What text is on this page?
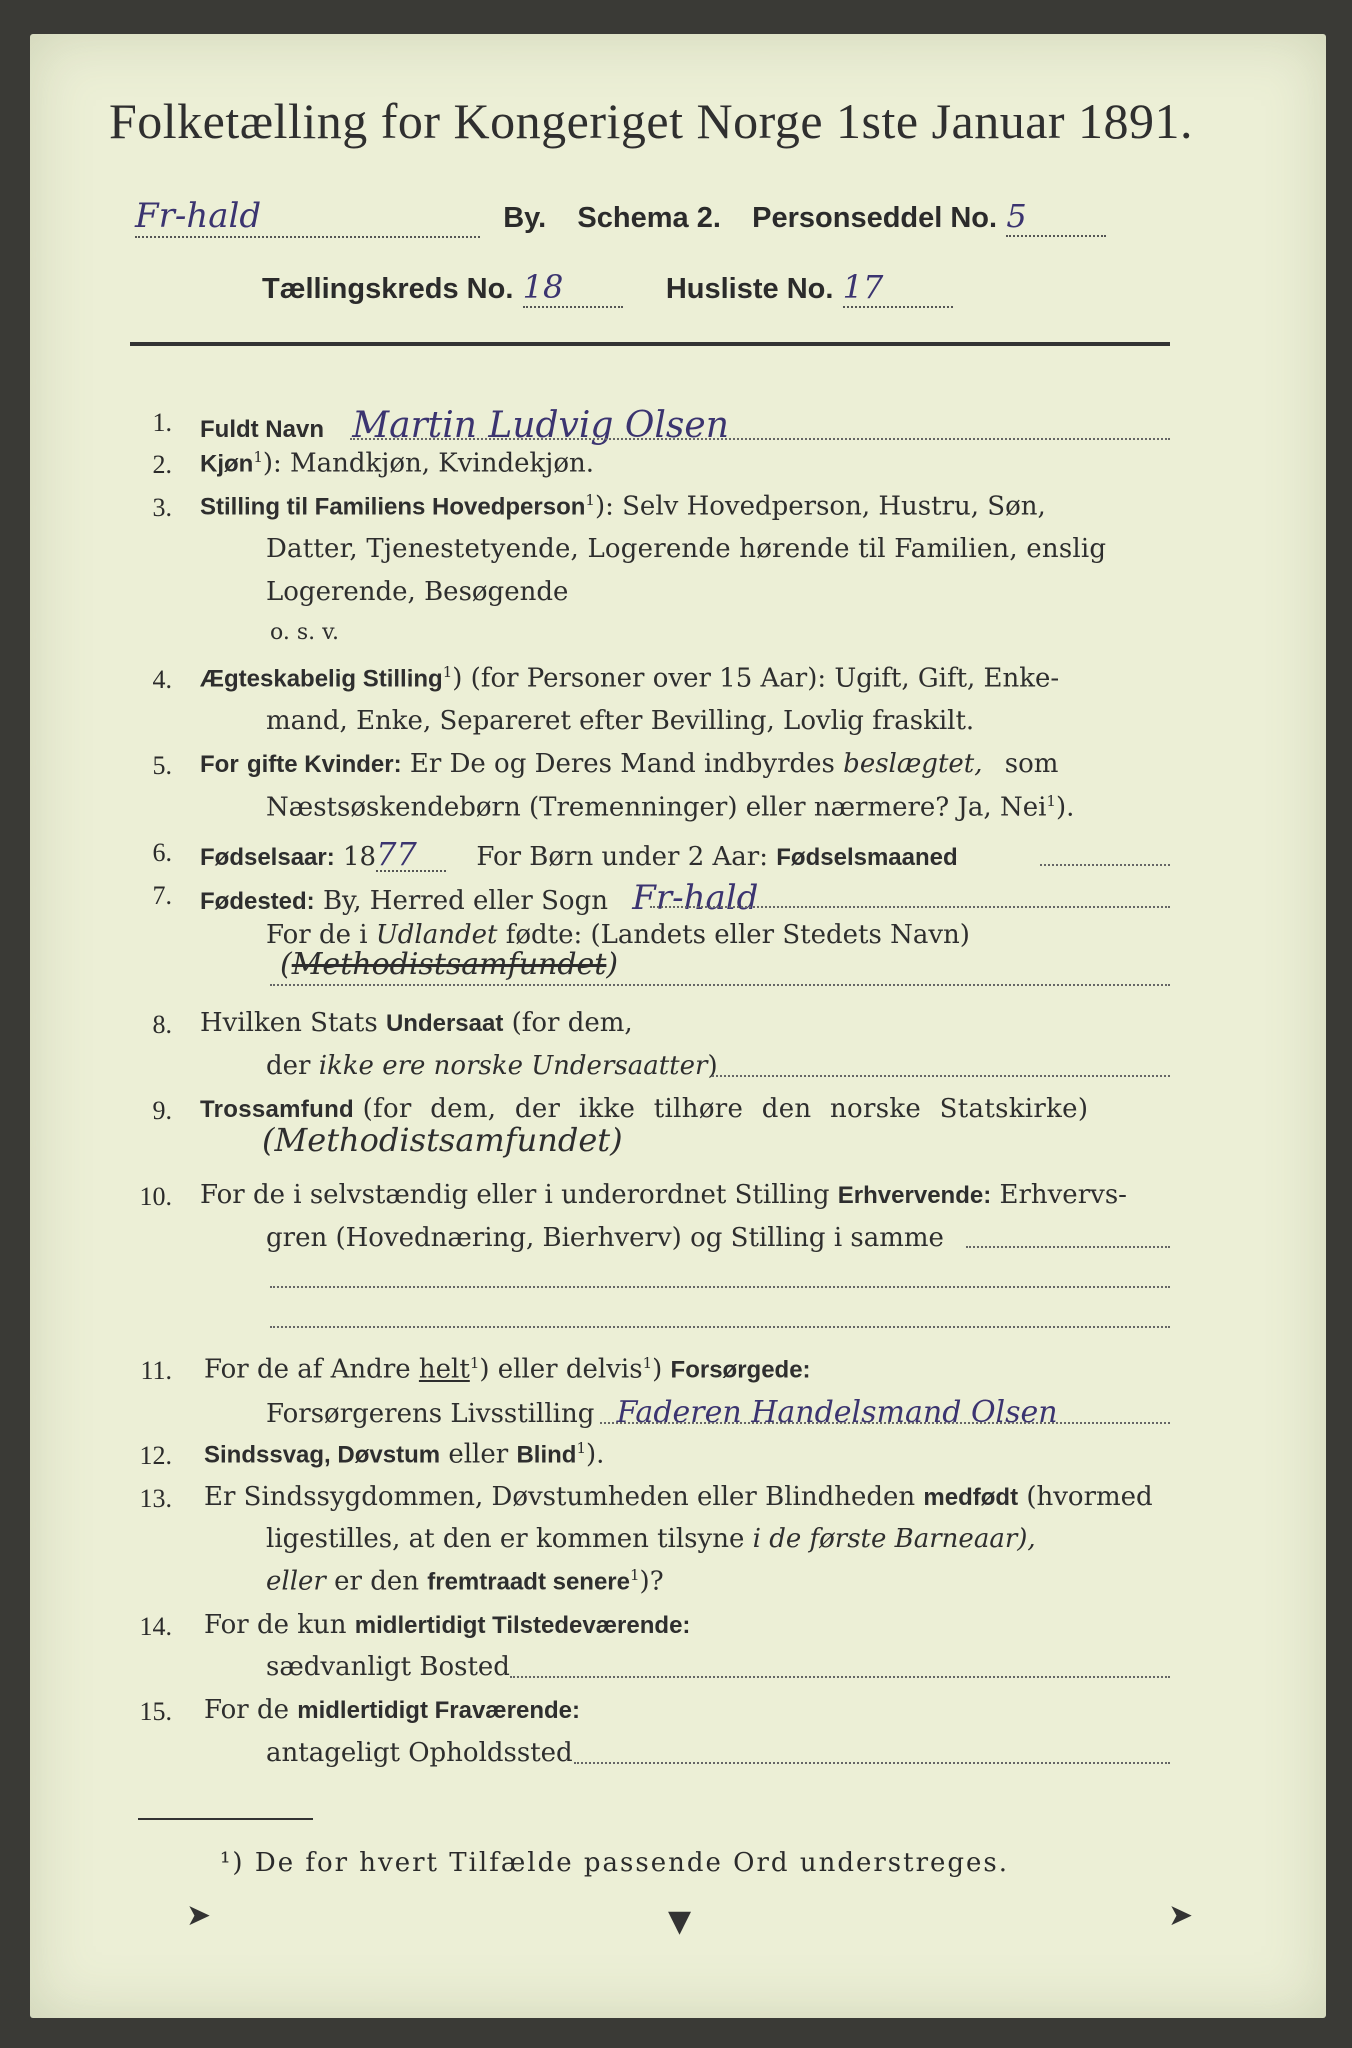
Folketælling for Kongeriget Norge 1ste Januar 1891.
Fr-hald	By. Schema 2. Personseddel No. 5
Tællingskreds No. 18	Husliste No. 17
1. Fuldt Navn Martin Ludvig Olsen
2. Kjøn$^1$): Mandkjøn, Kvindekjøn.
3. Stilling til Familiens Hovedperson$^1$): Selv Hovedperson, Hustru, Søn,
Datter, Tjenestetyende, Logerende hørende til Familien, enslig
Logerende, Besøgende
o. s. v.
4. Ægteskabelig Stilling$^1$) (for Personer over 15 Aar): Ugift, Gift, Enke-
mand, Enke, Separeret efter Bevilling, Lovlig fraskilt.
5. For gifte Kvinder: Er De og Deres Mand indbyrdes beslægtet, som
Næstsøskendebørn (Tremenninger) eller nærmere? Ja, Nei$^1$).
6. Fødselsaar: 1877 For Børn under 2 Aar: Fødselsmaaned
7. Fødested: By, Herred eller Sogn Fr-hald
For de i Udlandet fødte: (Landets eller Stedets Navn)
(Methodistsamfundet)
8. Hvilken Stats Undersaat (for dem,
der ikke ere norske Undersaatter)
9. Trossamfund (for dem, der ikke tilhøre den norske Statskirke)
(Methodistsamfundet)
10. For de i selvstændig eller i underordnet Stilling Erhvervende: Erhvervs-
gren (Hovednæring, Bierhverv) og Stilling i samme
11. For de af Andre helt$^1$) eller delvis$^1$) Forsørgede:
Forsørgerens Livsstilling Faderen Handelsmand Olsen
12. Sindssvag, Døvstum eller Blind$^1$).
13. Er Sindssygdommen, Døvstumheden eller Blindheden medfødt (hvormed
ligestilles, at den er kommen tilsyne i de første Barneaar),
eller er den fremtraadt senere$^1$)?
14. For de kun midlertidigt Tilstedeværende:
sædvanligt Bosted
15. For de midlertidigt Fraværende:
antageligt Opholdssted
¹) De for hvert Tilfælde passende Ord understreges.
➤	▼	➤
